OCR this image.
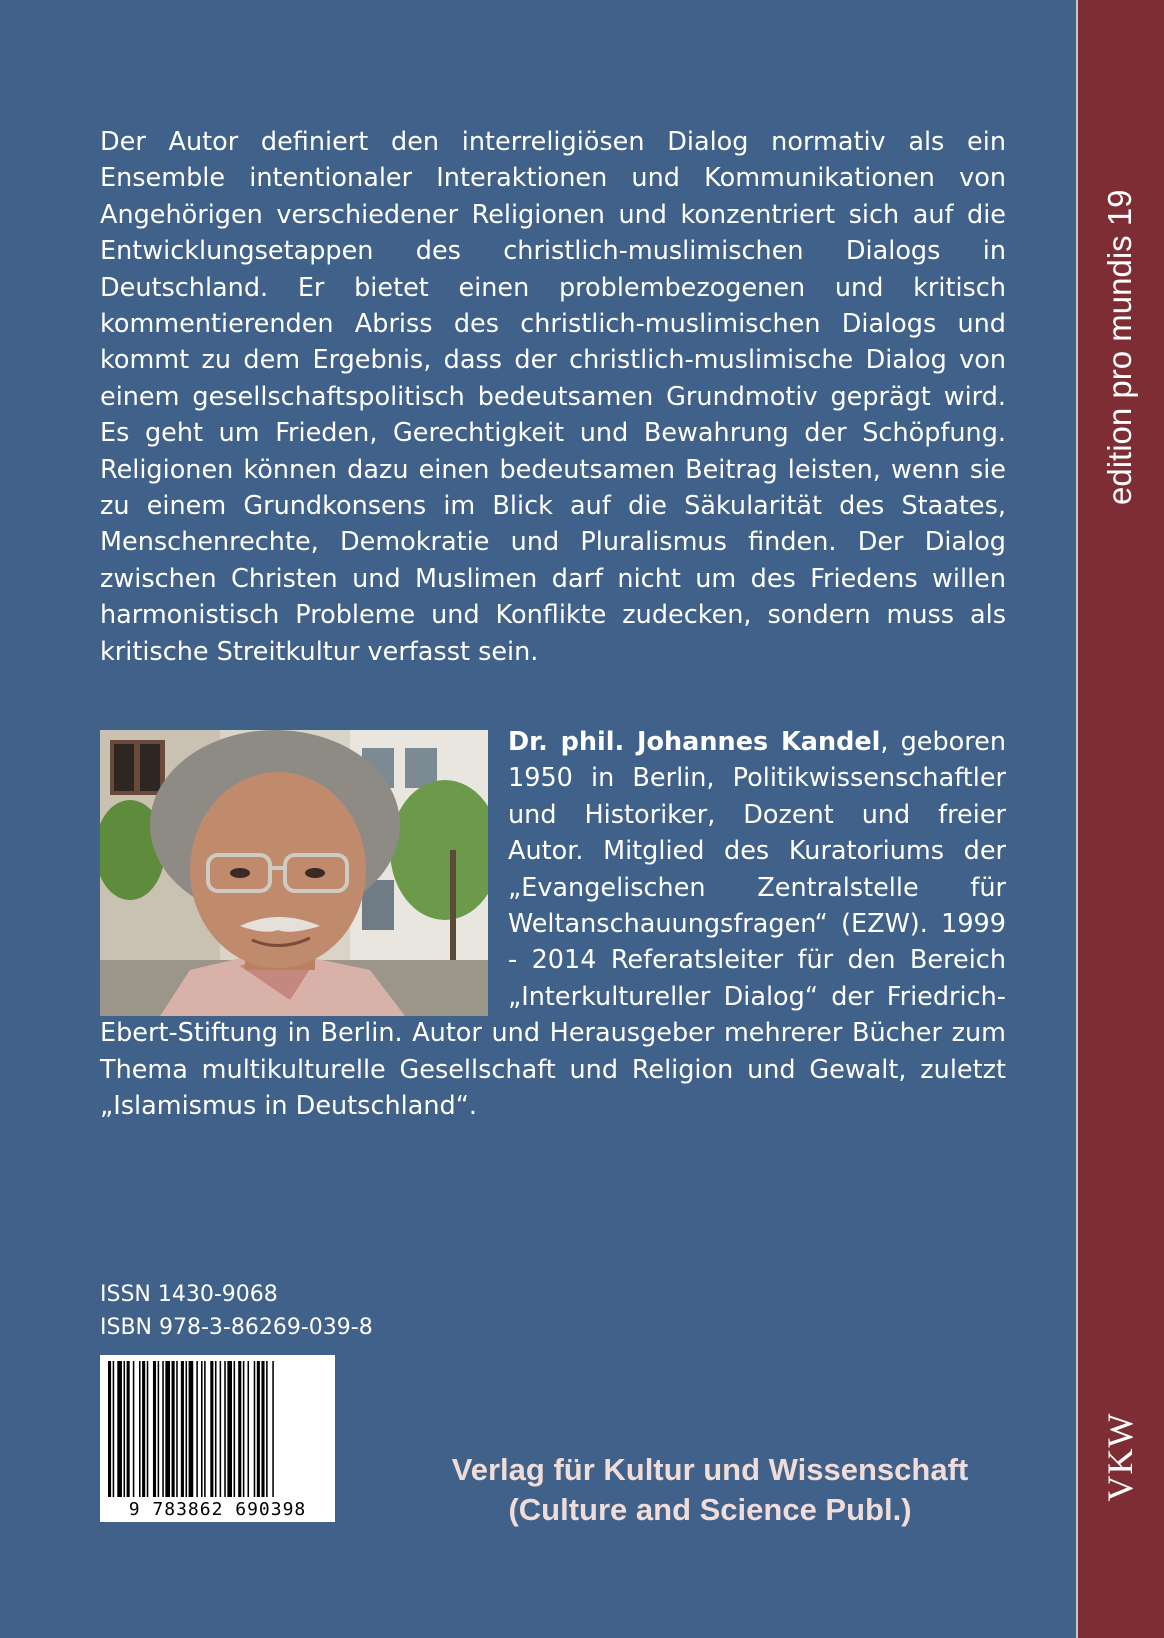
Der Autor definiert den interreligiösen Dialog normativ als ein Ensemble intentionaler Interaktionen und Kommunikationen von Angehörigen verschiedener Religionen und konzentriert sich auf die Entwicklungsetappen des christlich-muslimischen Dialogs in Deutschland. Er bietet einen problembezogenen und kritisch kommentierenden Abriss des christlich-muslimischen Dialogs und kommt zu dem Ergebnis, dass der christlich-muslimische Dialog von einem gesellschaftspolitisch bedeutsamen Grundmotiv geprägt wird. Es geht um Frieden, Gerechtigkeit und Bewahrung der Schöpfung. Religionen können dazu einen bedeutsamen Beitrag leisten, wenn sie zu einem Grundkonsens im Blick auf die Säkularität des Staates, Menschenrechte, Demokratie und Pluralismus finden. Der Dialog zwischen Christen und Muslimen darf nicht um des Friedens willen harmonistisch Probleme und Konflikte zudecken, sondern muss als kritische Streitkultur verfasst sein.

Dr. phil. Johannes Kandel, geboren 1950 in Berlin, Politikwissenschaftler und Historiker, Dozent und freier Autor. Mitglied des Kuratoriums der „Evangelischen Zentralstelle für Weltanschauungsfragen“ (EZW). 1999 - 2014 Referatsleiter für den Bereich „Interkultureller Dialog“ der Friedrich-Ebert-Stiftung in Berlin. Autor und Herausgeber mehrerer Bücher zum Thema multikulturelle Gesellschaft und Religion und Gewalt, zuletzt „Islamismus in Deutschland“.

ISSN 1430-9068
ISBN 978-3-86269-039-8
9 783862 690398
Verlag für Kultur und Wissenschaft
(Culture and Science Publ.)
edition pro mundis 19
VKW
